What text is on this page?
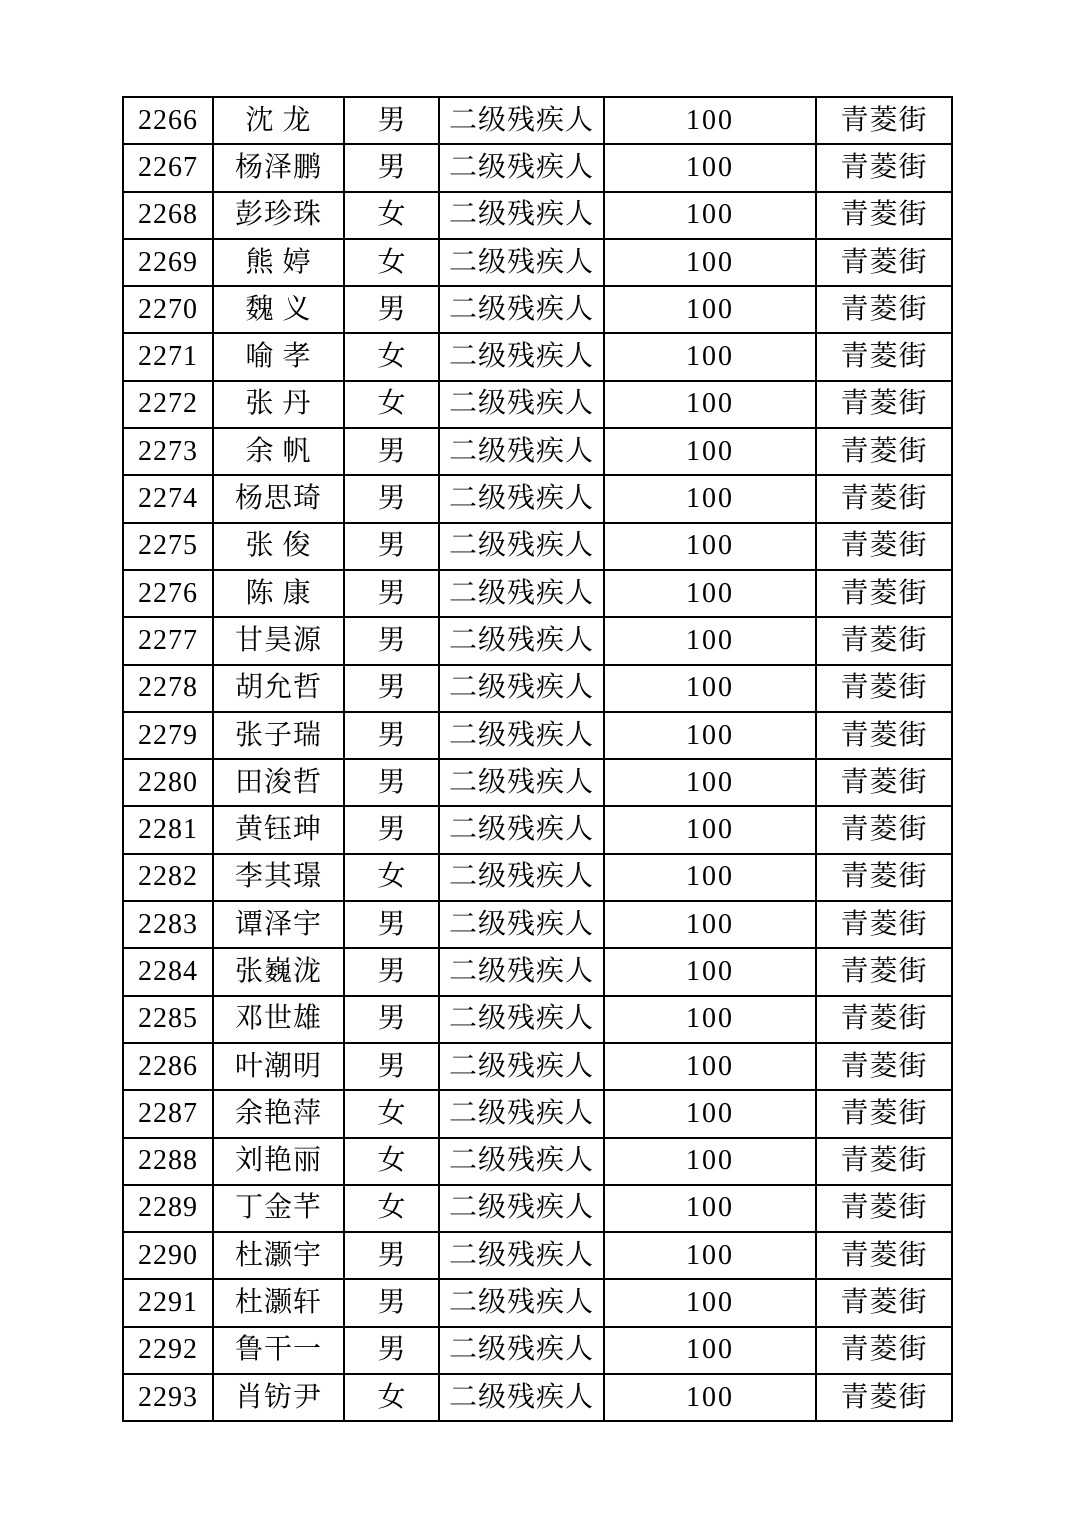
2266	沈 龙	男	二级残疾人	100	青菱街
2267	杨泽鹏	男	二级残疾人	100	青菱街
2268	彭珍珠	女	二级残疾人	100	青菱街
2269	熊 婷	女	二级残疾人	100	青菱街
2270	魏 义	男	二级残疾人	100	青菱街
2271	喻 孝	女	二级残疾人	100	青菱街
2272	张 丹	女	二级残疾人	100	青菱街
2273	余 帆	男	二级残疾人	100	青菱街
2274	杨思琦	男	二级残疾人	100	青菱街
2275	张 俊	男	二级残疾人	100	青菱街
2276	陈 康	男	二级残疾人	100	青菱街
2277	甘昊源	男	二级残疾人	100	青菱街
2278	胡允哲	男	二级残疾人	100	青菱街
2279	张子瑞	男	二级残疾人	100	青菱街
2280	田浚哲	男	二级残疾人	100	青菱街
2281	黄钰珅	男	二级残疾人	100	青菱街
2282	李其璟	女	二级残疾人	100	青菱街
2283	谭泽宇	男	二级残疾人	100	青菱街
2284	张巍泷	男	二级残疾人	100	青菱街
2285	邓世雄	男	二级残疾人	100	青菱街
2286	叶潮明	男	二级残疾人	100	青菱街
2287	余艳萍	女	二级残疾人	100	青菱街
2288	刘艳丽	女	二级残疾人	100	青菱街
2289	丁金芊	女	二级残疾人	100	青菱街
2290	杜灏宇	男	二级残疾人	100	青菱街
2291	杜灏轩	男	二级残疾人	100	青菱街
2292	鲁干一	男	二级残疾人	100	青菱街
2293	肖钫尹	女	二级残疾人	100	青菱街
